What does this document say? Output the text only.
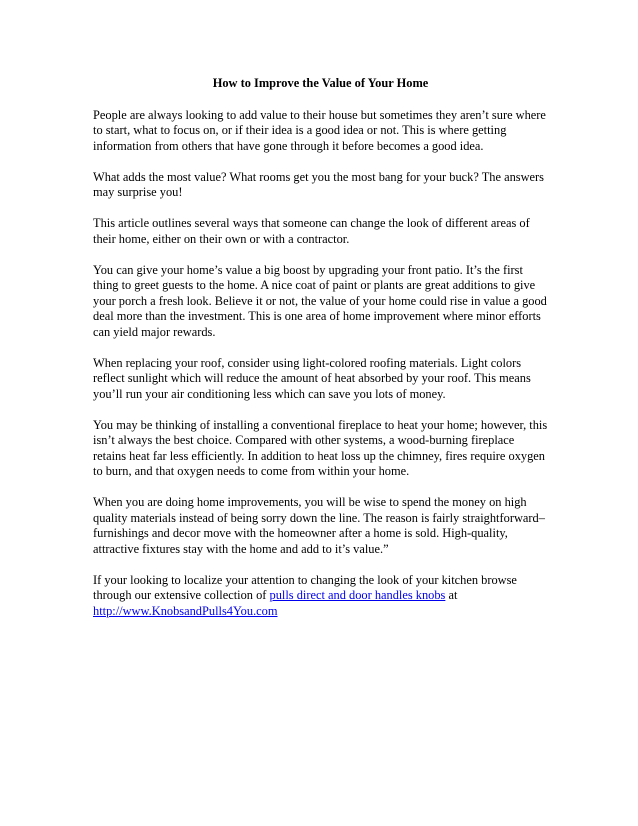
How to Improve the Value of Your Home

People are always looking to add value to their house but sometimes they aren’t sure where to start, what to focus on, or if their idea is a good idea or not. This is where getting information from others that have gone through it before becomes a good idea.

What adds the most value? What rooms get you the most bang for your buck? The answers may surprise you!

This article outlines several ways that someone can change the look of different areas of their home, either on their own or with a contractor.

You can give your home’s value a big boost by upgrading your front patio. It’s the first thing to greet guests to the home. A nice coat of paint or plants are great additions to give your porch a fresh look. Believe it or not, the value of your home could rise in value a good deal more than the investment. This is one area of home improvement where minor efforts can yield major rewards.

When replacing your roof, consider using light-colored roofing materials. Light colors reflect sunlight which will reduce the amount of heat absorbed by your roof. This means you’ll run your air conditioning less which can save you lots of money.

You may be thinking of installing a conventional fireplace to heat your home; however, this isn’t always the best choice. Compared with other systems, a wood-burning fireplace retains heat far less efficiently. In addition to heat loss up the chimney, fires require oxygen to burn, and that oxygen needs to come from within your home.

When you are doing home improvements, you will be wise to spend the money on high quality materials instead of being sorry down the line. The reason is fairly straightforward–furnishings and decor move with the homeowner after a home is sold. High-quality, attractive fixtures stay with the home and add to it’s value.”

If your looking to localize your attention to changing the look of your kitchen browse through our extensive collection of pulls direct and door handles knobs at
http://www.KnobsandPulls4You.com
